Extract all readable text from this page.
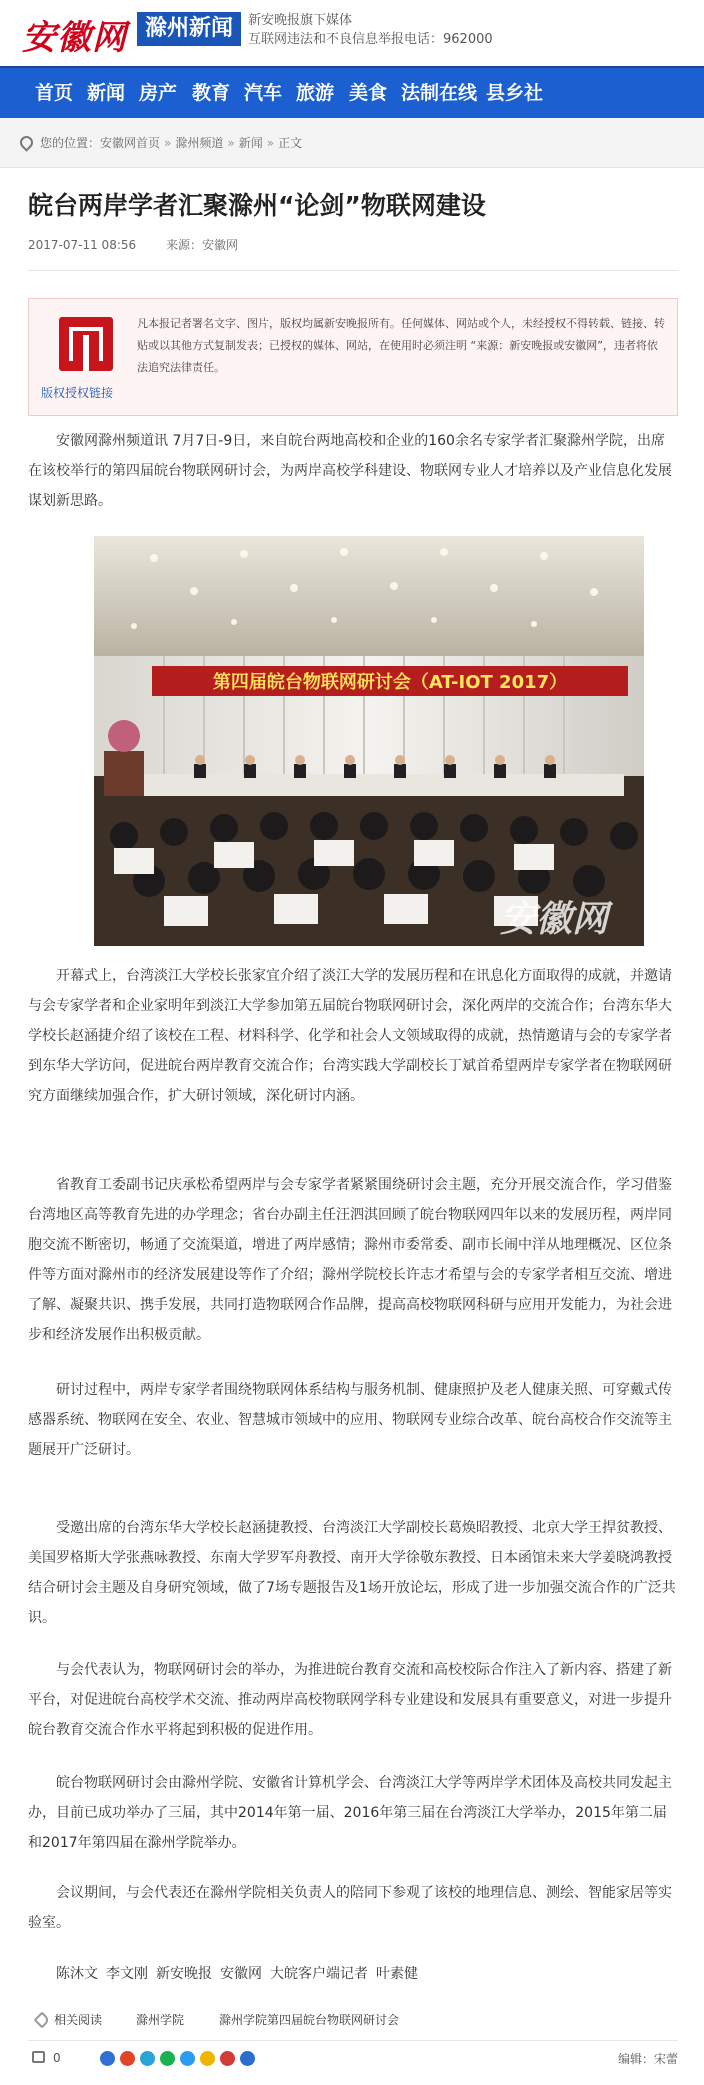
安徽网 滁州新闻	新安晚报旗下媒体
互联网违法和不良信息举报电话：962000
首页 新闻 房产 教育 汽车 旅游 美食 法制在线 县乡社
您的位置：安徽网首页 » 滁州频道 » 新闻 » 正文
皖台两岸学者汇聚滁州“论剑”物联网建设
2017-07-11 08:56 来源：安徽网
版权授权链接
凡本报记者署名文字、图片，版权均属新安晚报所有。任何媒体、网站或个人，未经授权不得转载、链接、转贴或以其他方式复制发表；已授权的媒体、网站，在使用时必须注明 “来源：新安晚报或安徽网”，违者将依法追究法律责任。

安徽网滁州频道讯 7月7日-9日，来自皖台两地高校和企业的160余名专家学者汇聚滁州学院，出席在该校举行的第四届皖台物联网研讨会，为两岸高校学科建设、物联网专业人才培养以及产业信息化发展谋划新思路。

第四届皖台物联网研讨会（AT-IOT 2017）
安徽网

开幕式上，台湾淡江大学校长张家宜介绍了淡江大学的发展历程和在讯息化方面取得的成就，并邀请与会专家学者和企业家明年到淡江大学参加第五届皖台物联网研讨会，深化两岸的交流合作；台湾东华大学校长赵涵捷介绍了该校在工程、材料科学、化学和社会人文领域取得的成就，热情邀请与会的专家学者到东华大学访问，促进皖台两岸教育交流合作；台湾实践大学副校长丁斌首希望两岸专家学者在物联网研究方面继续加强合作，扩大研讨领域，深化研讨内涵。

省教育工委副书记庆承松希望两岸与会专家学者紧紧围绕研讨会主题，充分开展交流合作，学习借鉴台湾地区高等教育先进的办学理念；省台办副主任汪泗淇回顾了皖台物联网四年以来的发展历程，两岸同胞交流不断密切，畅通了交流渠道，增进了两岸感情；滁州市委常委、副市长闹中洋从地理概况、区位条件等方面对滁州市的经济发展建设等作了介绍；滁州学院校长许志才希望与会的专家学者相互交流、增进了解、凝聚共识、携手发展，共同打造物联网合作品牌，提高高校物联网科研与应用开发能力，为社会进步和经济发展作出积极贡献。

研讨过程中，两岸专家学者围绕物联网体系结构与服务机制、健康照护及老人健康关照、可穿戴式传感器系统、物联网在安全、农业、智慧城市领域中的应用、物联网专业综合改革、皖台高校合作交流等主题展开广泛研讨。

受邀出席的台湾东华大学校长赵涵捷教授、台湾淡江大学副校长葛焕昭教授、北京大学王捍贫教授、美国罗格斯大学张燕咏教授、东南大学罗军舟教授、南开大学徐敬东教授、日本函馆未来大学姜晓鸿教授结合研讨会主题及自身研究领域，做了7场专题报告及1场开放论坛，形成了进一步加强交流合作的广泛共识。

与会代表认为，物联网研讨会的举办，为推进皖台教育交流和高校校际合作注入了新内容、搭建了新平台，对促进皖台高校学术交流、推动两岸高校物联网学科专业建设和发展具有重要意义，对进一步提升皖台教育交流合作水平将起到积极的促进作用。

皖台物联网研讨会由滁州学院、安徽省计算机学会、台湾淡江大学等两岸学术团体及高校共同发起主办，目前已成功举办了三届，其中2014年第一届、2016年第三届在台湾淡江大学举办，2015年第二届和2017年第四届在滁州学院举办。

会议期间，与会代表还在滁州学院相关负责人的陪同下参观了该校的地理信息、测绘、智能家居等实验室。

陈沐文 李文刚 新安晚报 安徽网 大皖客户端记者 叶素健
相关阅读	滁州学院	滁州学院第四届皖台物联网研讨会
0	编辑：宋蕾
